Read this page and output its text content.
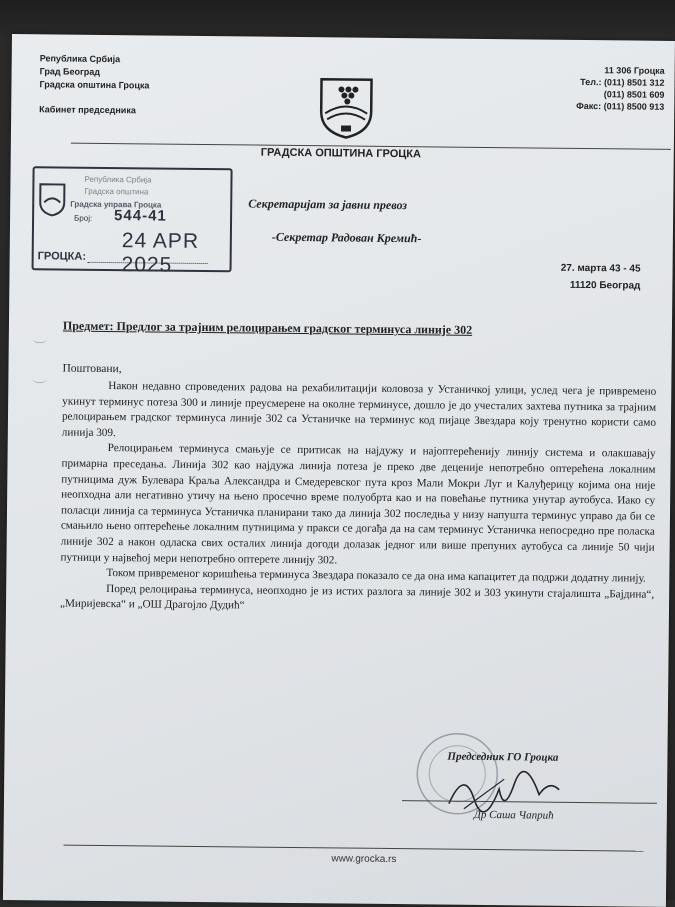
Република Србија
Град Београд
Градска општина Гроцка
Кабинет председника
11 306 Гроцка
Тел.: (011) 8501 312
(011) 8501 609
Факс: (011) 8500 913
ГРАДСКА ОПШТИНА ГРОЦКА
Република Србија
Градска општина
Градска управа Гроцка
Број: 544-41
24 APR 2025
ГРОЦКА:
Секретаријат за јавни превоз
-Секретар Радован Кремић-
27. марта 43 - 45
11120 Београд
Предмет: Предлог за трајним релоцирањем градског терминуса линије 302
Поштовани,

Након недавно спроведених радова на рехабилитацији коловоза у Устаничкој улици, услед чега је привремено укинут терминус потеза 300 и линије преусмерене на околне терминусе, дошло је до учесталих захтева путника за трајним релоцирањем градског терминуса линије 302 са Устаничке на терминус код пијаце Звездара коју тренутно користи само линија 309.

Релоцирањем терминуса смањује се притисак на најдужу и најоптерећенију линију система и олакшавају примарна преседања. Линија 302 као најдужа линија потеза је преко две деценије непотребно оптерећена локалним путницима дуж Булевара Краља Александра и Смедеревског пута кроз Мали Мокри Луг и Калуђерицу којима она није неопходна али негативно утичу на њено просечно време полуобрта као и на повећање путника унутар аутобуса. Иако су поласци линија са терминуса Устаничка планирани тако да линија 302 последња у низу напушта терминус управо да би се смањило њено оптерећење локалним путницима у пракси се догађа да на сам терминус Устаничка непосредно пре поласка линије 302 а након одласка свих осталих линија догоди долазак једног или више препуних аутобуса са линије 50 чији путници у највећој мери непотребно оптерете линију 302.

Током привременог коришћења терминуса Звездара показало се да она има капацитет да подржи додатну линију.

Поред релоцирања терминуса, неопходно је из истих разлога за линије 302 и 303 укинути стајалишта „Бајдина“, „Миријевска“ и „ОШ Драгојло Дудић“

Председник ГО Гроцка
Др Саша Чапрић
www.grocka.rs
